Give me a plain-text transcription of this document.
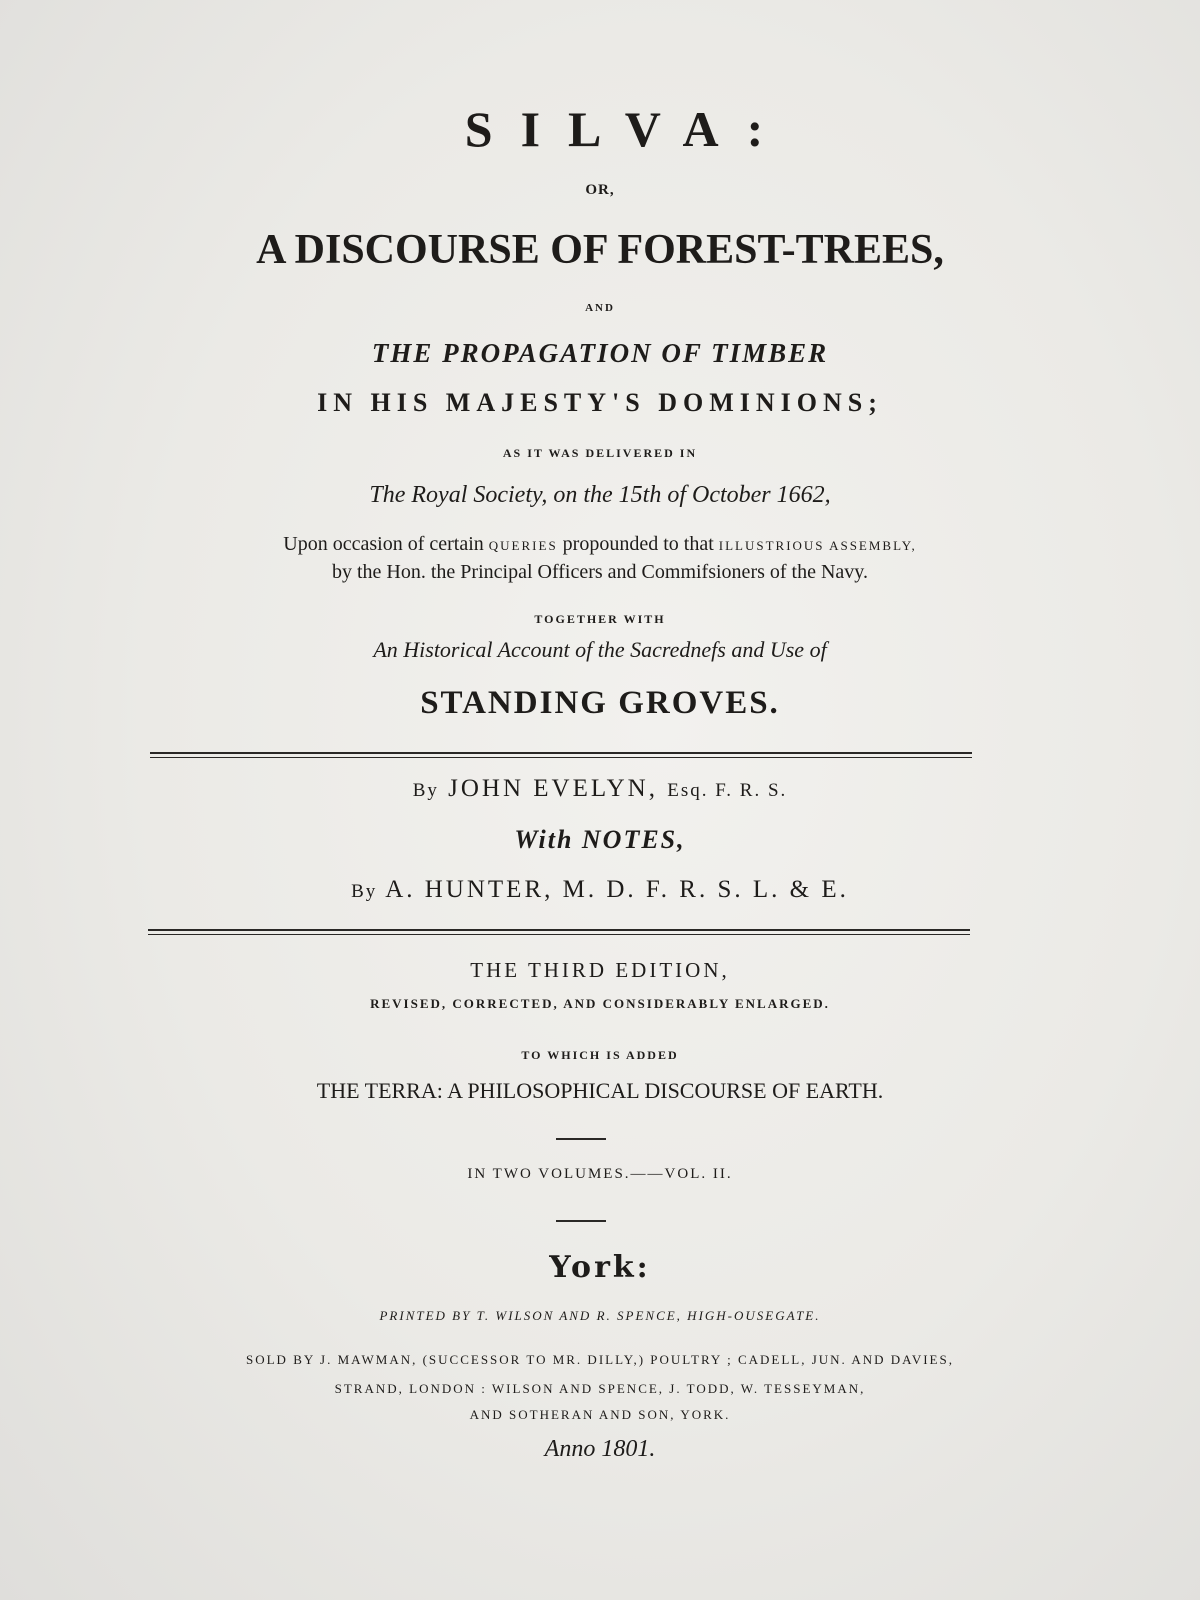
SILVA:
OR,
A DISCOURSE OF FOREST-TREES,
AND
THE PROPAGATION OF TIMBER
IN HIS MAJESTY'S DOMINIONS;
AS IT WAS DELIVERED IN
The Royal Society, on the 15th of October 1662,
Upon occasion of certain QUERIES propounded to that ILLUSTRIOUS ASSEMBLY,
by the Hon. the Principal Officers and Commifsioners of the Navy.
TOGETHER WITH
An Historical Account of the Sacrednefs and Use of
STANDING GROVES.
By JOHN EVELYN, Esq. F. R. S.
With NOTES,
By A. HUNTER, M. D. F. R. S. L. & E.
THE THIRD EDITION,
REVISED, CORRECTED, AND CONSIDERABLY ENLARGED.
TO WHICH IS ADDED
THE TERRA: A PHILOSOPHICAL DISCOURSE OF EARTH.
IN TWO VOLUMES.——VOL. II.
York:
PRINTED BY T. WILSON AND R. SPENCE, HIGH-OUSEGATE.
SOLD BY J. MAWMAN, (SUCCESSOR TO MR. DILLY,) POULTRY ; CADELL, JUN. AND DAVIES,
STRAND, LONDON : WILSON AND SPENCE, J. TODD, W. TESSEYMAN,
AND SOTHERAN AND SON, YORK.
Anno 1801.
